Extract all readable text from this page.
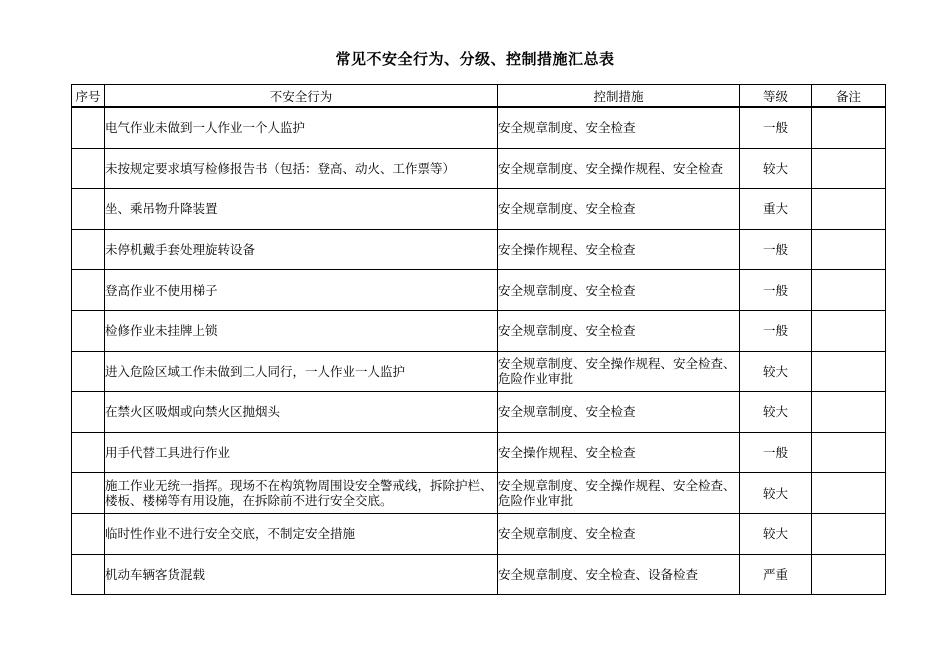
常见不安全行为、分级、控制措施汇总表
序号	不安全行为	控制措施	等级	备注
	电气作业未做到一人作业一个人监护	安全规章制度、安全检查	一般	
	未按规定要求填写检修报告书（包括：登高、动火、工作票等）	安全规章制度、安全操作规程、安全检查	较大	
	坐、乘吊物升降装置	安全规章制度、安全检查	重大	
	未停机戴手套处理旋转设备	安全操作规程、安全检查	一般	
	登高作业不使用梯子	安全规章制度、安全检查	一般	
	检修作业未挂牌上锁	安全规章制度、安全检查	一般	
	进入危险区域工作未做到二人同行，一人作业一人监护	安全规章制度、安全操作规程、安全检查、危险作业审批	较大	
	在禁火区吸烟或向禁火区抛烟头	安全规章制度、安全检查	较大	
	用手代替工具进行作业	安全操作规程、安全检查	一般	
	施工作业无统一指挥。现场不在构筑物周围设安全警戒线，拆除护栏、楼板、楼梯等有用设施，在拆除前不进行安全交底。	安全规章制度、安全操作规程、安全检查、危险作业审批	较大	
	临时性作业不进行安全交底，不制定安全措施	安全规章制度、安全检查	较大	
	机动车辆客货混载	安全规章制度、安全检查、设备检查	严重	
